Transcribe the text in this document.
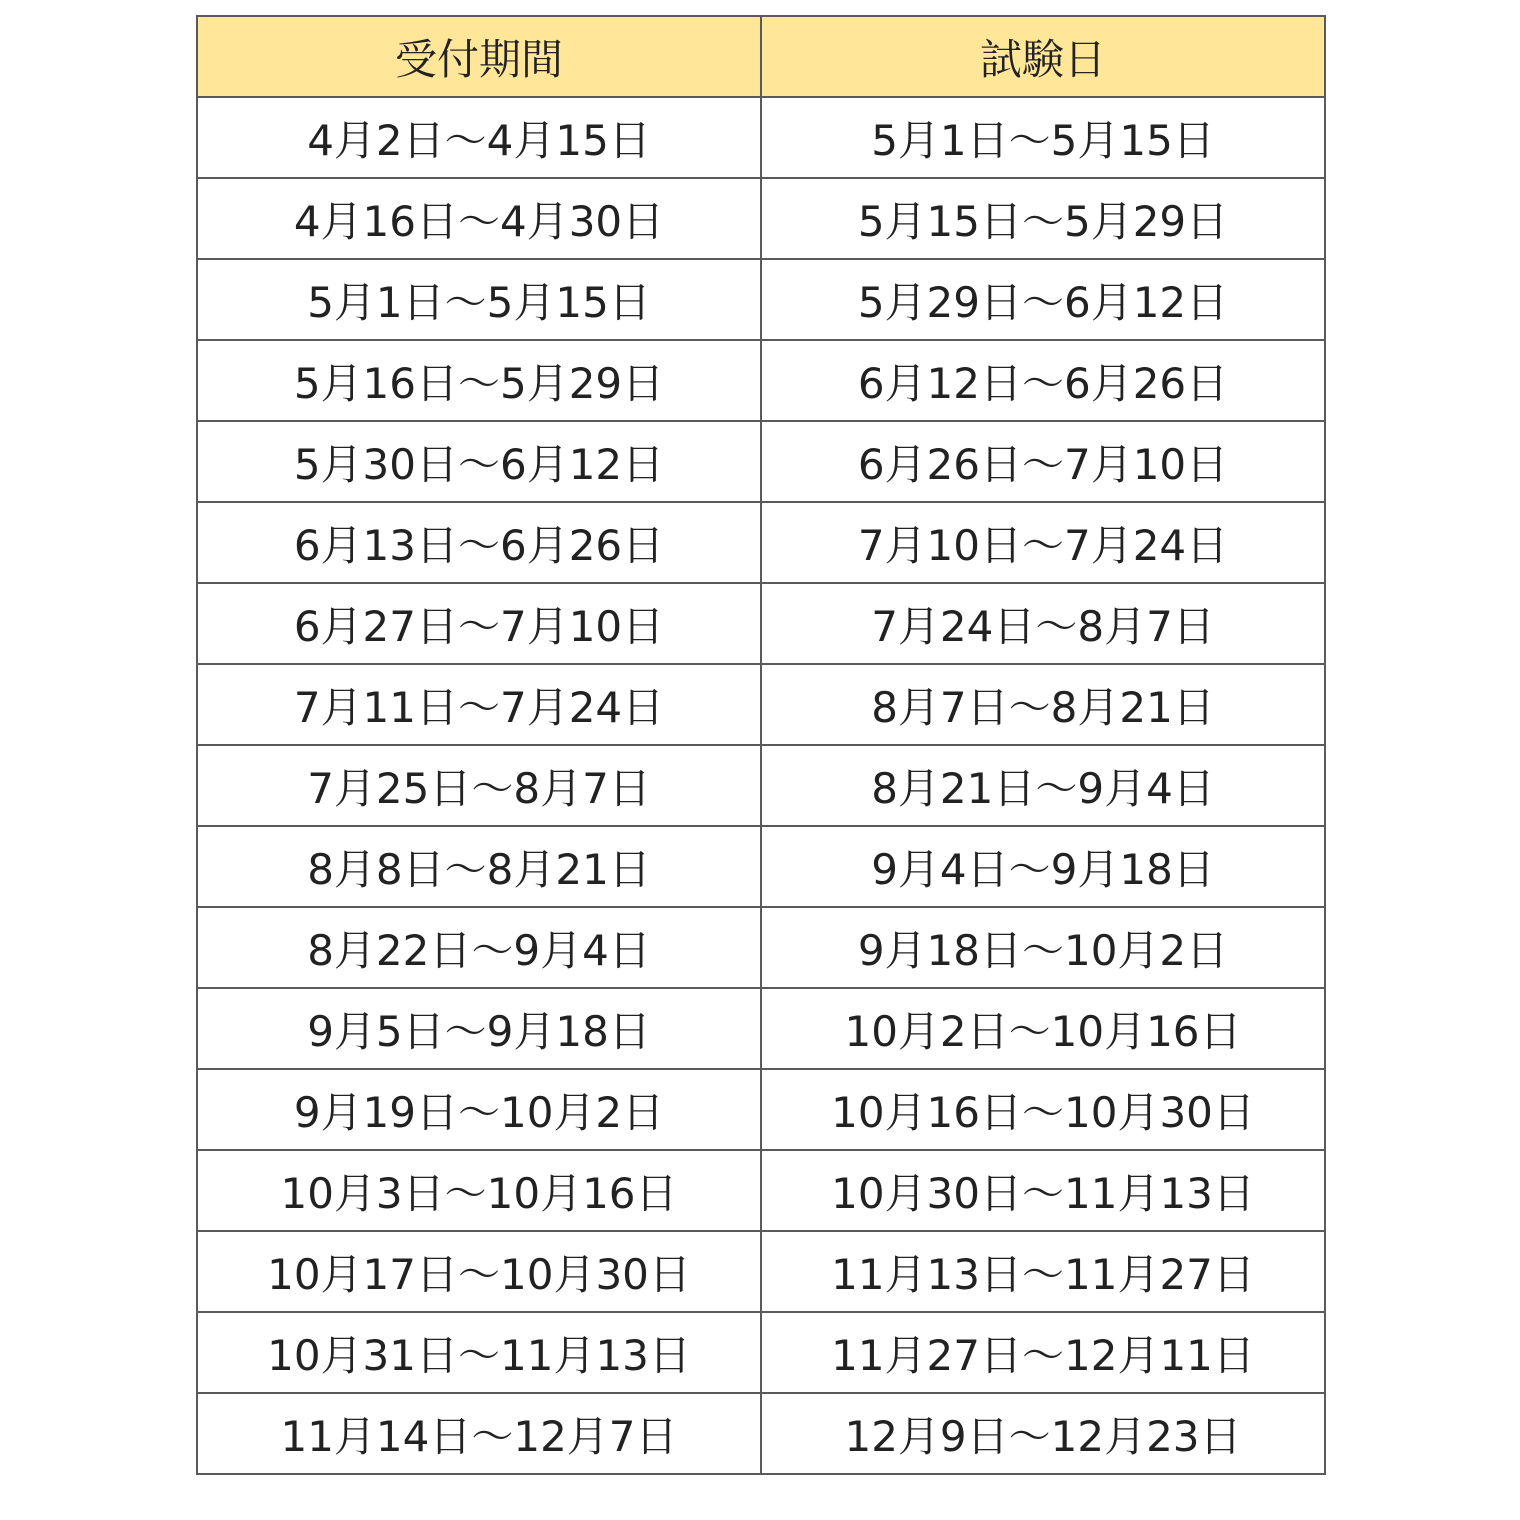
受付期間	試験日
4月2日〜4月15日	5月1日〜5月15日
4月16日〜4月30日	5月15日〜5月29日
5月1日〜5月15日	5月29日〜6月12日
5月16日〜5月29日	6月12日〜6月26日
5月30日〜6月12日	6月26日〜7月10日
6月13日〜6月26日	7月10日〜7月24日
6月27日〜7月10日	7月24日〜8月7日
7月11日〜7月24日	8月7日〜8月21日
7月25日〜8月7日	8月21日〜9月4日
8月8日〜8月21日	9月4日〜9月18日
8月22日〜9月4日	9月18日〜10月2日
9月5日〜9月18日	10月2日〜10月16日
9月19日〜10月2日	10月16日〜10月30日
10月3日〜10月16日	10月30日〜11月13日
10月17日〜10月30日	11月13日〜11月27日
10月31日〜11月13日	11月27日〜12月11日
11月14日〜12月7日	12月9日〜12月23日
